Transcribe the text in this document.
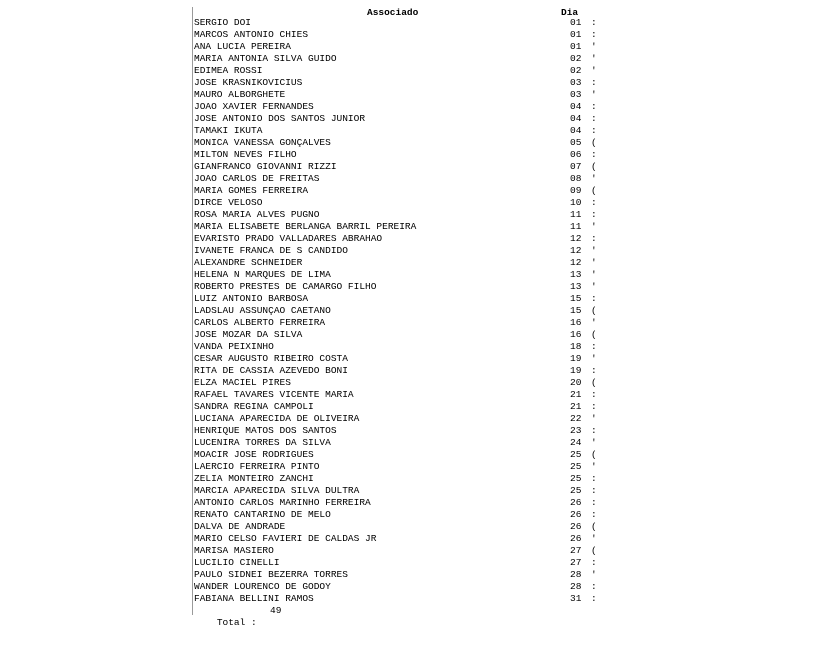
Associado	Dia
SERGIO DOI	01 :
MARCOS ANTONIO CHIES	01 :
ANA LUCIA PEREIRA	01 '
MARIA ANTONIA SILVA GUIDO	02 '
EDIMEA ROSSI	02 '
JOSE KRASNIKOVICIUS	03 :
MAURO ALBORGHETE	03 '
JOAO XAVIER FERNANDES	04 :
JOSE ANTONIO DOS SANTOS JUNIOR	04 :
TAMAKI IKUTA	04 :
MONICA VANESSA GONÇALVES	05 (
MILTON NEVES FILHO	06 :
GIANFRANCO GIOVANNI RIZZI	07 (
JOAO CARLOS DE FREITAS	08 '
MARIA GOMES FERREIRA	09 (
DIRCE VELOSO	10 :
ROSA MARIA ALVES PUGNO	11 :
MARIA ELISABETE BERLANGA BARRIL PEREIRA	11 '
EVARISTO PRADO VALLADARES ABRAHAO	12 :
IVANETE FRANCA DE S CANDIDO	12 '
ALEXANDRE SCHNEIDER	12 '
HELENA N MARQUES DE LIMA	13 '
ROBERTO PRESTES DE CAMARGO FILHO	13 '
LUIZ ANTONIO BARBOSA	15 :
LADSLAU ASSUNÇAO CAETANO	15 (
CARLOS ALBERTO FERREIRA	16 '
JOSE MOZAR DA SILVA	16 (
VANDA PEIXINHO	18 :
CESAR AUGUSTO RIBEIRO COSTA	19 '
RITA DE CASSIA AZEVEDO BONI	19 :
ELZA MACIEL PIRES	20 (
RAFAEL TAVARES VICENTE MARIA	21 :
SANDRA REGINA CAMPOLI	21 :
LUCIANA APARECIDA DE OLIVEIRA	22 '
HENRIQUE MATOS DOS SANTOS	23 :
LUCENIRA TORRES DA SILVA	24 '
MOACIR JOSE RODRIGUES	25 (
LAERCIO FERREIRA PINTO	25 '
ZELIA MONTEIRO ZANCHI	25 :
MARCIA APARECIDA SILVA DULTRA	25 :
ANTONIO CARLOS MARINHO FERREIRA	26 :
RENATO CANTARINO DE MELO	26 :
DALVA DE ANDRADE	26 (
MARIO CELSO FAVIERI DE CALDAS JR	26 '
MARISA MASIERO	27 (
LUCILIO CINELLI	27 :
PAULO SIDNEI BEZERRA TORRES	28 '
WANDER LOURENCO DE GODOY	28 :
FABIANA BELLINI RAMOS	31 :

Total :

49
